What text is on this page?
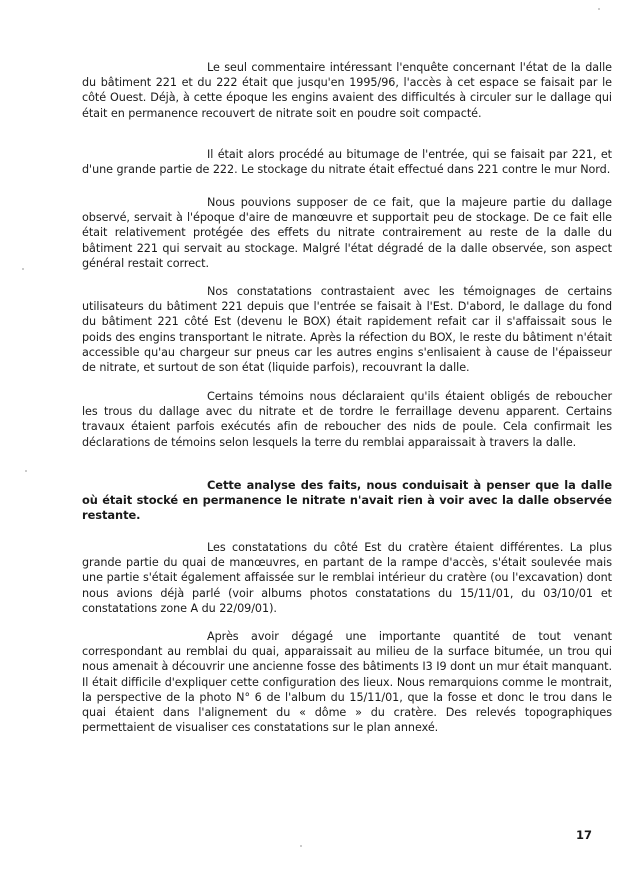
Le seul commentaire intéressant l'enquête concernant l'état de la dalle du bâtiment 221 et du 222 était que jusqu'en 1995/96, l'accès à cet espace se faisait par le côté Ouest. Déjà, à cette époque les engins avaient des difficultés à circuler sur le dallage qui était en permanence recouvert de nitrate soit en poudre soit compacté.

Il était alors procédé au bitumage de l'entrée, qui se faisait par 221, et d'une grande partie de 222. Le stockage du nitrate était effectué dans 221 contre le mur Nord.

Nous pouvions supposer de ce fait, que la majeure partie du dallage observé, servait à l'époque d'aire de manœuvre et supportait peu de stockage. De ce fait elle était relativement protégée des effets du nitrate contrairement au reste de la dalle du bâtiment 221 qui servait au stockage. Malgré l'état dégradé de la dalle observée, son aspect général restait correct.

Nos constatations contrastaient avec les témoignages de certains utilisateurs du bâtiment 221 depuis que l'entrée se faisait à l'Est. D'abord, le dallage du fond du bâtiment 221 côté Est (devenu le BOX) était rapidement refait car il s'affaissait sous le poids des engins transportant le nitrate. Après la réfection du BOX, le reste du bâtiment n'était accessible qu'au chargeur sur pneus car les autres engins s'enlisaient à cause de l'épaisseur de nitrate, et surtout de son état (liquide parfois), recouvrant la dalle.

Certains témoins nous déclaraient qu'ils étaient obligés de reboucher les trous du dallage avec du nitrate et de tordre le ferraillage devenu apparent. Certains travaux étaient parfois exécutés afin de reboucher des nids de poule. Cela confirmait les déclarations de témoins selon lesquels la terre du remblai apparaissait à travers la dalle.

Cette analyse des faits, nous conduisait à penser que la dalle où était stocké en permanence le nitrate n'avait rien à voir avec la dalle observée restante.

Les constatations du côté Est du cratère étaient différentes. La plus grande partie du quai de manœuvres, en partant de la rampe d'accès, s'était soulevée mais une partie s'était également affaissée sur le remblai intérieur du cratère (ou l'excavation) dont nous avions déjà parlé (voir albums photos constatations du 15/11/01, du 03/10/01 et constatations zone A du 22/09/01).

Après avoir dégagé une importante quantité de tout venant correspondant au remblai du quai, apparaissait au milieu de la surface bitumée, un trou qui nous amenait à découvrir une ancienne fosse des bâtiments I3 I9 dont un mur était manquant. Il était difficile d'expliquer cette configuration des lieux. Nous remarquions comme le montrait, la perspective de la photo N° 6 de l'album du 15/11/01, que la fosse et donc le trou dans le quai étaient dans l'alignement du « dôme » du cratère. Des relevés topographiques permettaient de visualiser ces constatations sur le plan annexé.

17
